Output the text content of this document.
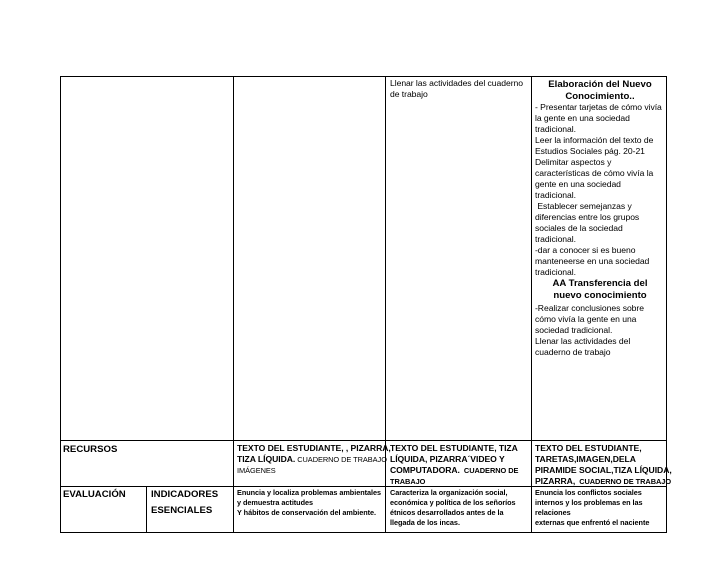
Llenar las actividades del cuaderno
de trabajo
Elaboración del Nuevo Conocimiento..
- Presentar tarjetas de cómo vivía
la gente en una sociedad
tradicional.
Leer la información del texto de
Estudios Sociales pág. 20-21
Delimitar aspectos y
características de cómo vivía la
gente en una sociedad
tradicional.
Establecer semejanzas y
diferencias entre los grupos
sociales de la sociedad
tradicional.
-dar a conocer si es bueno
manteneerse en una sociedad
tradicional.
AA Transferencia del nuevo conocimiento
-Realizar conclusiones sobre
cómo vivía la gente en una
sociedad tradicional.
Llenar las actividades del
cuaderno de trabajo
RECURSOS	TEXTO DEL ESTUDIANTE, , PIZARRA,
TIZA LÍQUIDA. CUADERNO DE TRABAJO
IMÁGENES
TEXTO DEL ESTUDIANTE, TIZA
LÍQUIDA, PIZARRA´VIDEO Y
COMPUTADORA.  CUADERNO DE
TRABAJO
TEXTO DEL ESTUDIANTE,
TARETAS,IMAGEN,DELA
PIRAMIDE SOCIAL,TIZA LÍQUIDA,
PIZARRA,  CUADERNO DE TRABAJO
EVALUACIÓN	INDICADORES
ESENCIALES
Enuncia y localiza problemas ambientales
y demuestra actitudes
Y hábitos de conservación del ambiente.
Caracteriza la organización social,
económica y política de los señoríos
étnicos desarrollados antes de la
llegada de los incas.
Enuncia los conflictos sociales
internos y los problemas en las
relaciones
externas que enfrentó el naciente
